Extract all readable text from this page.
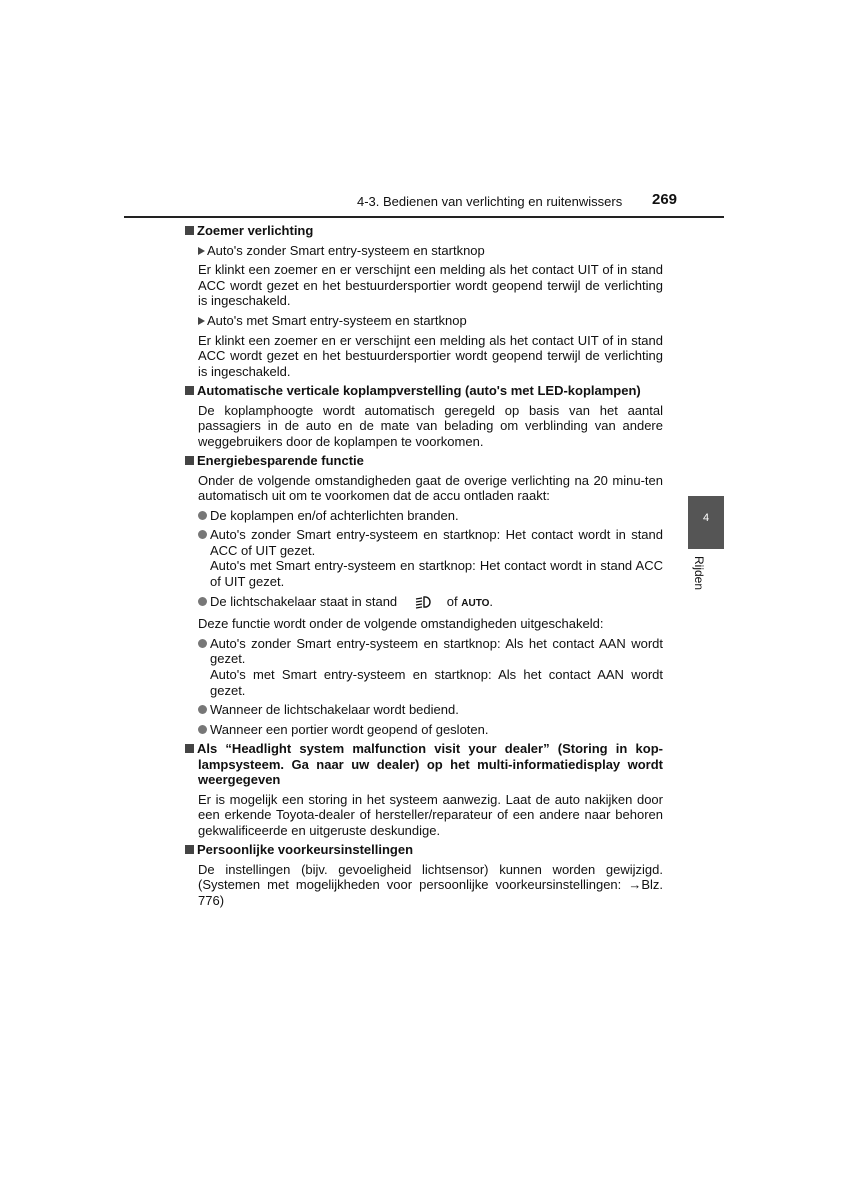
4-3. Bedienen van verlichting en ruitenwissers 269
4
Rijden
Zoemer verlichting
Auto's zonder Smart entry-systeem en startknop
Er klinkt een zoemer en er verschijnt een melding als het contact UIT of in stand ACC wordt gezet en het bestuurdersportier wordt geopend terwijl de verlichting is ingeschakeld.
Auto's met Smart entry-systeem en startknop
Er klinkt een zoemer en er verschijnt een melding als het contact UIT of in stand ACC wordt gezet en het bestuurdersportier wordt geopend terwijl de verlichting is ingeschakeld.
Automatische verticale koplampverstelling (auto's met LED-koplampen)
De koplamphoogte wordt automatisch geregeld op basis van het aantal passagiers in de auto en de mate van belading om verblinding van andere weggebruikers door de koplampen te voorkomen.
Energiebesparende functie
Onder de volgende omstandigheden gaat de overige verlichting na 20 minu-ten automatisch uit om te voorkomen dat de accu ontladen raakt:
De koplampen en/of achterlichten branden.
Auto's zonder Smart entry-systeem en startknop: Het contact wordt in stand ACC of UIT gezet.
Auto's met Smart entry-systeem en startknop: Het contact wordt in stand ACC of UIT gezet.
De lichtschakelaar staat in stand	of AUTO.
Deze functie wordt onder de volgende omstandigheden uitgeschakeld:
Auto's zonder Smart entry-systeem en startknop: Als het contact AAN wordt gezet.
Auto's met Smart entry-systeem en startknop: Als het contact AAN wordt gezet.
Wanneer de lichtschakelaar wordt bediend.
Wanneer een portier wordt geopend of gesloten.
Als “Headlight system malfunction visit your dealer” (Storing in kop-lampsysteem. Ga naar uw dealer) op het multi-informatiedisplay wordt weergegeven
Er is mogelijk een storing in het systeem aanwezig. Laat de auto nakijken door een erkende Toyota-dealer of hersteller/reparateur of een andere naar behoren gekwalificeerde en uitgeruste deskundige.
Persoonlijke voorkeursinstellingen
De instellingen (bijv. gevoeligheid lichtsensor) kunnen worden gewijzigd. (Systemen met mogelijkheden voor persoonlijke voorkeursinstellingen: →Blz. 776)
